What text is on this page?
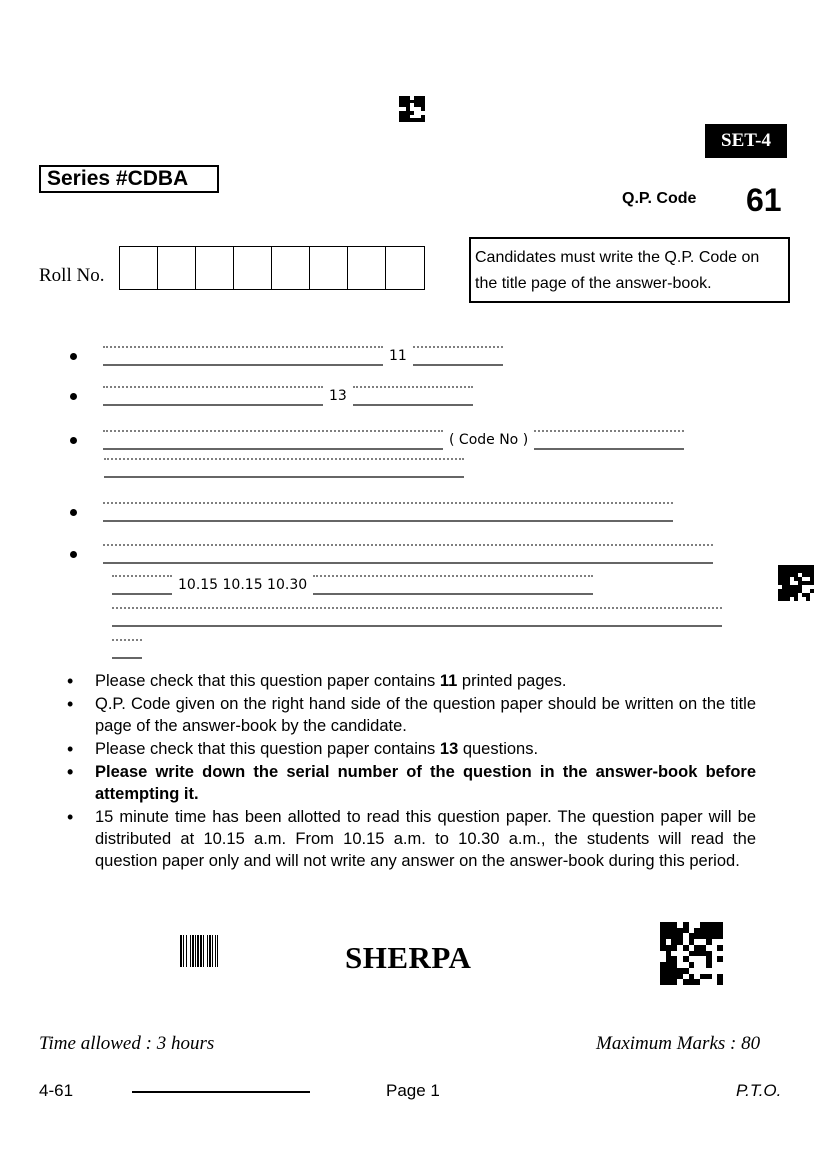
SET-4
Series #CDBA
Q.P. Code 61
Roll No.
Candidates must write the Q.P. Code on the title page of the answer-book.
11
13
( Code No )
10.15 10.15 10.30
• Please check that this question paper contains 11 printed pages.
• Q.P. Code given on the right hand side of the question paper should be written on the title page of the answer-book by the candidate.
• Please check that this question paper contains 13 questions.
• Please write down the serial number of the question in the answer-book before attempting it.
• 15 minute time has been allotted to read this question paper. The question paper will be distributed at 10.15 a.m. From 10.15 a.m. to 10.30 a.m., the students will read the question paper only and will not write any answer on the answer-book during this period.
SHERPA
Time allowed : 3 hours	Maximum Marks : 80
4-61	Page 1	P.T.O.
